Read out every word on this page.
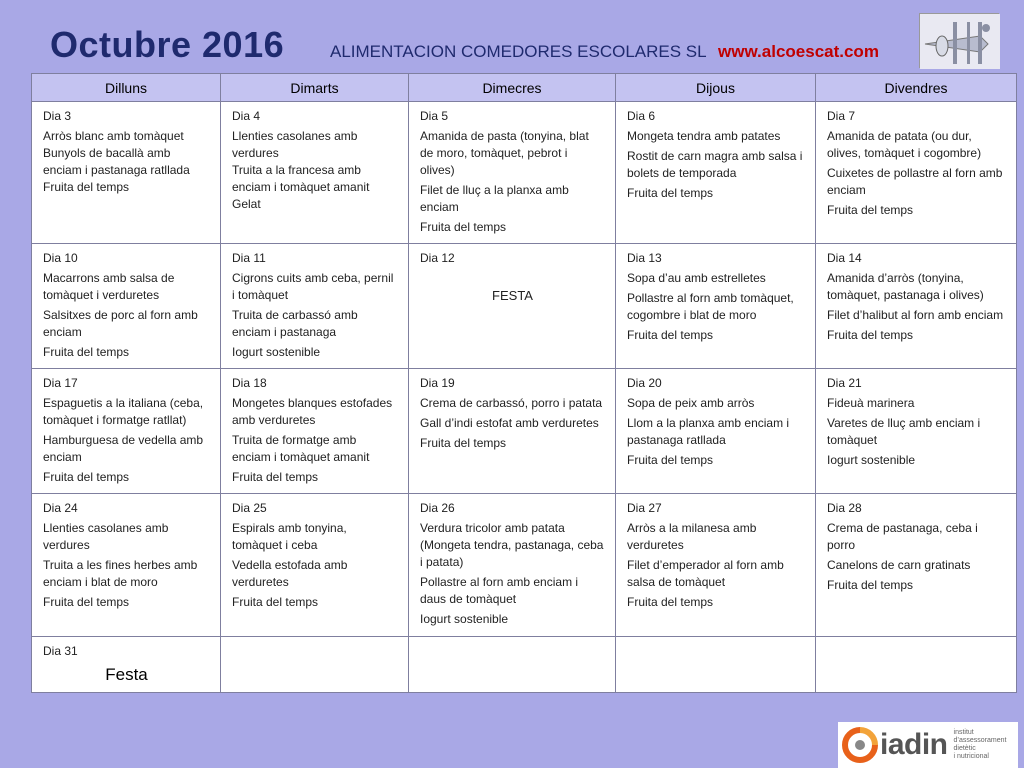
Octubre 2016	ALIMENTACION COMEDORES ESCOLARES SL www.alcoescat.com
Dilluns	Dimarts	Dimecres	Dijous	Divendres

Dia 3
Arròs blanc amb tomàquet
Bunyols de bacallà amb enciam i pastanaga ratllada
Fruita del temps	Dia 4
Llenties casolanes amb verdures
Truita a la francesa amb enciam i tomàquet amanit
Gelat	Dia 5
Amanida de pasta (tonyina, blat de moro, tomàquet, pebrot i olives)
Filet de lluç a la planxa amb enciam
Fruita del temps	Dia 6
Mongeta tendra amb patates
Rostit de carn magra amb salsa i bolets de temporada
Fruita del temps	Dia 7
Amanida de patata (ou dur, olives, tomàquet i cogombre)
Cuixetes de pollastre al forn amb enciam
Fruita del temps

Dia 10
Macarrons amb salsa de tomàquet i verduretes
Salsitxes de porc al forn amb enciam
Fruita del temps	Dia 11
Cigrons cuits amb ceba, pernil i tomàquet
Truita de carbassó amb enciam i pastanaga
Iogurt sostenible	Dia 12
FESTA	Dia 13
Sopa d’au amb estrelletes
Pollastre al forn amb tomàquet, cogombre i blat de moro
Fruita del temps	Dia 14
Amanida d’arròs (tonyina, tomàquet, pastanaga i olives)
Filet d’halibut al forn amb enciam
Fruita del temps

Dia 17
Espaguetis a la italiana (ceba, tomàquet i formatge ratllat)
Hamburguesa de vedella amb enciam
Fruita del temps	Dia 18
Mongetes blanques estofades amb verduretes
Truita de formatge amb enciam i tomàquet amanit
Fruita del temps	Dia 19
Crema de carbassó, porro i patata
Gall d’indi estofat amb verduretes
Fruita del temps	Dia 20
Sopa de peix amb arròs
Llom a la planxa amb enciam i pastanaga ratllada
Fruita del temps	Dia 21
Fideuà marinera
Varetes de lluç amb enciam i tomàquet
Iogurt sostenible

Dia 24
Llenties casolanes amb verdures
Truita a les fines herbes amb enciam i blat de moro
Fruita del temps	Dia 25
Espirals amb tonyina, tomàquet i ceba
Vedella estofada amb verduretes
Fruita del temps	Dia 26
Verdura tricolor amb patata (Mongeta tendra, pastanaga, ceba i patata)
Pollastre al forn amb enciam i daus de tomàquet
Iogurt sostenible	Dia 27
Arròs a la milanesa amb verduretes
Filet d’emperador al forn amb salsa de tomàquet
Fruita del temps	Dia 28
Crema de pastanaga, ceba i porro
Canelons de carn gratinats
Fruita del temps

Dia 31
Festa				

iadin institut
d’assessorament
dietètic
i nutricional
